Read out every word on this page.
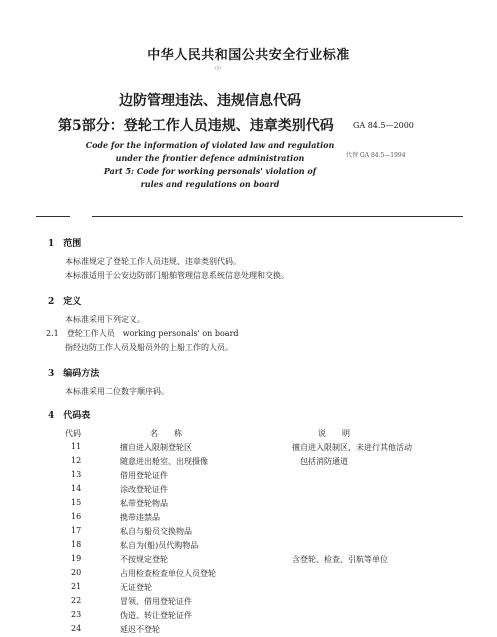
中华人民共和国公共安全行业标准
中
边防管理违法、违规信息代码
第5部分：登轮工作人员违规、违章类别代码 GA 84.5—2000
Code for the information of violated law and regulation
under the frontier defence administration
Part 5: Code for working personals' violation of
rules and regulations on board
代替 GA 84.5—1994
1　范围
本标准规定了登轮工作人员违规、违章类别代码。
本标准适用于公安边防部门船舶管理信息系统信息处理和交换。
2　定义
本标准采用下列定义。
2.1　登轮工作人员　working personals' on board
指经边防工作人员及船员外的上船工作的人员。
3　编码方法
本标准采用二位数字顺序码。
4　代码表
代码	名　　称	说　　明
11	擅自进入限制登轮区	擅自进入限制区，未进行其他活动
12	随意进出舱室、出现摄像	包括消防通道
13	借用登轮证件
14	涂改登轮证件
15	私带登轮物品
16	携带违禁品
17	私自与船员交换物品
18	私自为(船)员代购物品
19	不按规定登轮	含登轮、检查、引航等单位
20	占用检查检查单位人员登轮
21	无证登轮
22	冒领、借用登轮证件
23	伪造、转让登轮证件
24	延迟不登轮
